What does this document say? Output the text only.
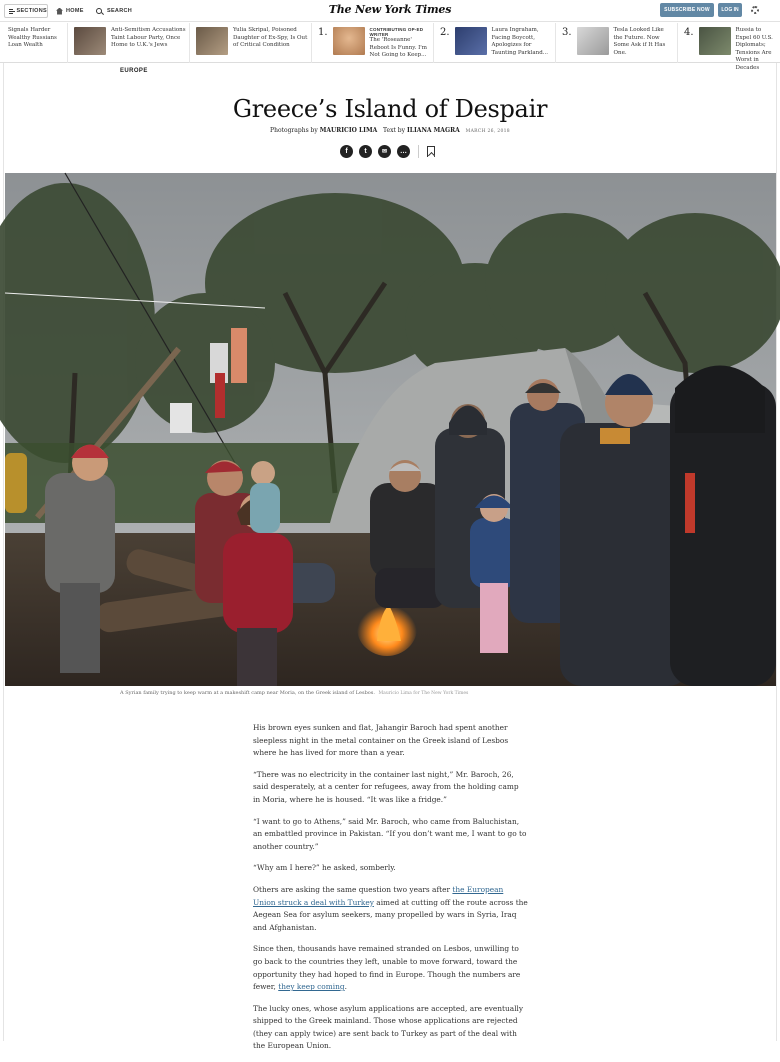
SECTIONS	HOME	SEARCH	The New York Times	SUBSCRIBE NOW	LOG IN
Signals Harder Wealthy Russians Loan Wealth
Anti-Semitism Accusations Taint Labour Party, Once Home to U.K.'s Jews
Yulia Skripal, Poisoned Daughter of Ex-Spy, Is Out of Critical Condition
1.	CONTRIBUTING OP-ED WRITER
The 'Roseanne' Reboot Is Funny. I'm Not Going to Keep...
2.	Laura Ingraham, Facing Boycott, Apologizes for Taunting Parkland...
3.	Tesla Looked Like the Future. Now Some Ask if It Has One.
4.	Russia to Expel 60 U.S. Diplomats; Tensions Are Worst in Decades
EUROPE
Greece’s Island of Despair
Photographs by MAURICIO LIMA Text by ILIANA MAGRA MARCH 26, 2018
f	t	✉	…
A Syrian family trying to keep warm at a makeshift camp near Moria, on the Greek island of Lesbos. Mauricio Lima for The New York Times

His brown eyes sunken and flat, Jahangir Baroch had spent another sleepless night in the metal container on the Greek island of Lesbos where he has lived for more than a year.

“There was no electricity in the container last night,” Mr. Baroch, 26, said desperately, at a center for refugees, away from the holding camp in Moria, where he is housed. “It was like a fridge.”

“I want to go to Athens,” said Mr. Baroch, who came from Baluchistan, an embattled province in Pakistan. “If you don’t want me, I want to go to another country.”

“Why am I here?” he asked, somberly.

Others are asking the same question two years after the European Union struck a deal with Turkey aimed at cutting off the route across the Aegean Sea for asylum seekers, many propelled by wars in Syria, Iraq and Afghanistan.

Since then, thousands have remained stranded on Lesbos, unwilling to go back to the countries they left, unable to move forward, toward the opportunity they had hoped to find in Europe. Though the numbers are fewer, they keep coming.

The lucky ones, whose asylum applications are accepted, are eventually shipped to the Greek mainland. Those whose applications are rejected (they can apply twice) are sent back to Turkey as part of the deal with the European Union.
